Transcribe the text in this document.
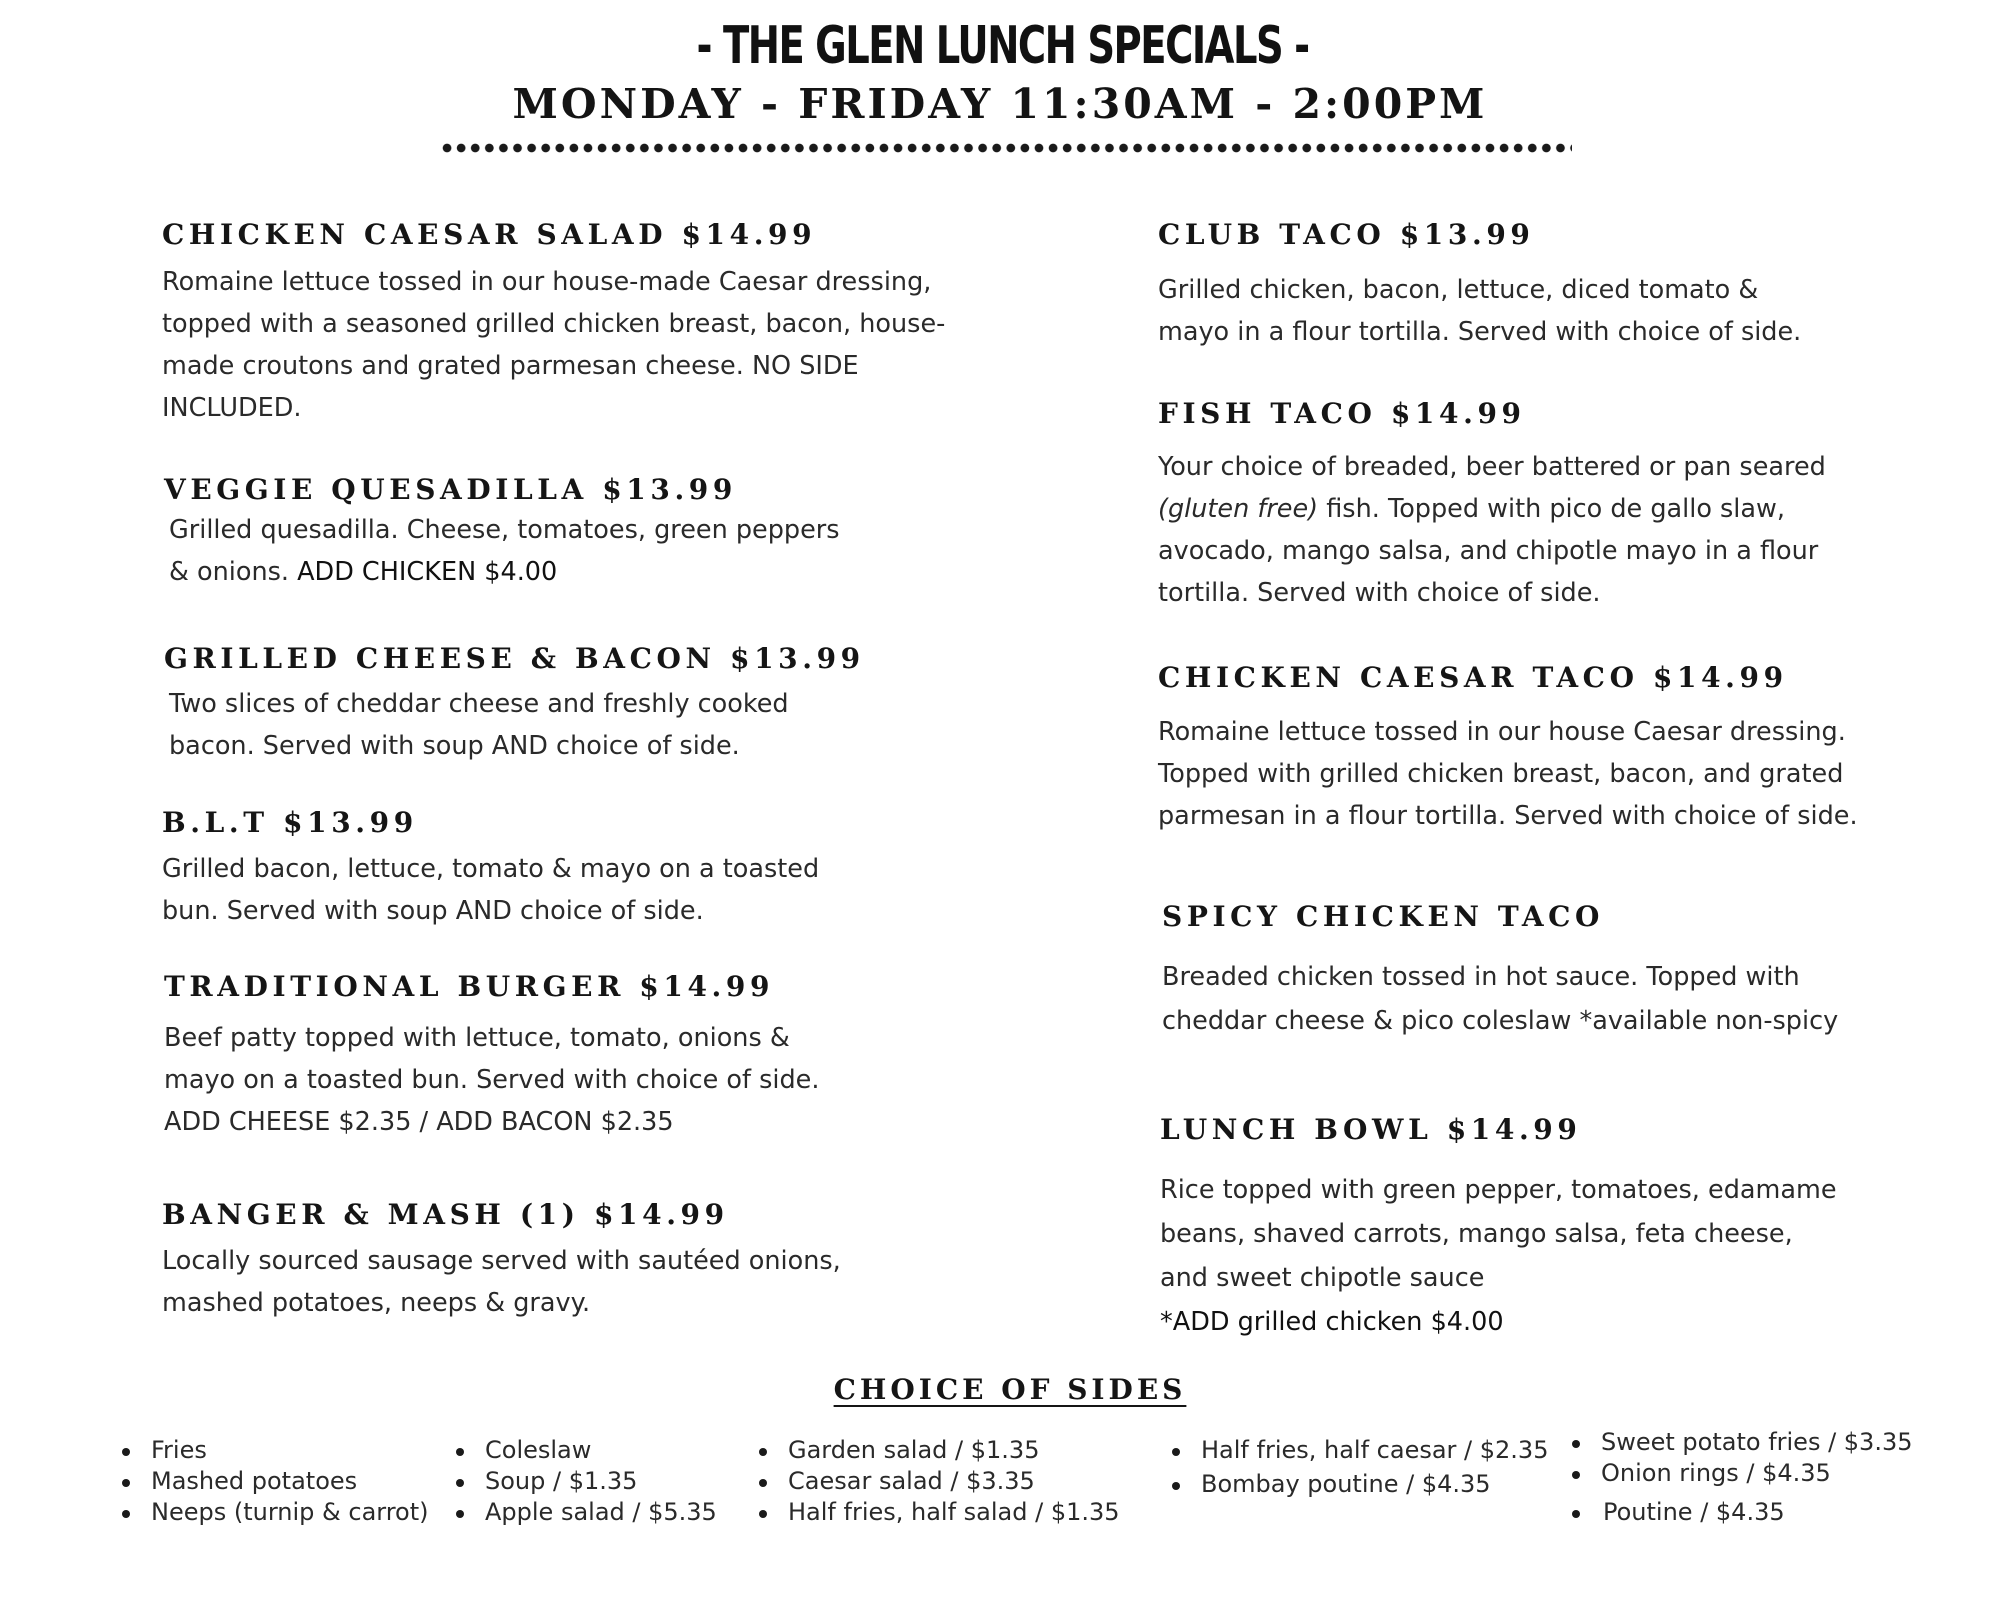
- THE GLEN LUNCH SPECIALS -
MONDAY - FRIDAY 11:30AM - 2:00PM

CHICKEN CAESAR SALAD $14.99

Romaine lettuce tossed in our house-made Caesar dressing,
topped with a seasoned grilled chicken breast, bacon, house-
made croutons and grated parmesan cheese. NO SIDE
INCLUDED.

VEGGIE QUESADILLA $13.99

Grilled quesadilla. Cheese, tomatoes, green peppers
& onions. ADD CHICKEN $4.00

GRILLED CHEESE & BACON $13.99

Two slices of cheddar cheese and freshly cooked
bacon. Served with soup AND choice of side.

B.L.T $13.99

Grilled bacon, lettuce, tomato & mayo on a toasted
bun. Served with soup AND choice of side.

TRADITIONAL BURGER $14.99

Beef patty topped with lettuce, tomato, onions &
mayo on a toasted bun. Served with choice of side.
ADD CHEESE $2.35 / ADD BACON $2.35

BANGER & MASH (1) $14.99

Locally sourced sausage served with sautéed onions,
mashed potatoes, neeps & gravy.

CLUB TACO $13.99

Grilled chicken, bacon, lettuce, diced tomato &
mayo in a flour tortilla. Served with choice of side.

FISH TACO $14.99

Your choice of breaded, beer battered or pan seared
(gluten free) fish. Topped with pico de gallo slaw,
avocado, mango salsa, and chipotle mayo in a flour
tortilla. Served with choice of side.

CHICKEN CAESAR TACO $14.99

Romaine lettuce tossed in our house Caesar dressing.
Topped with grilled chicken breast, bacon, and grated
parmesan in a flour tortilla. Served with choice of side.

SPICY CHICKEN TACO

Breaded chicken tossed in hot sauce. Topped with
cheddar cheese & pico coleslaw *available non-spicy

LUNCH BOWL $14.99

Rice topped with green pepper, tomatoes, edamame
beans, shaved carrots, mango salsa, feta cheese,
and sweet chipotle sauce
*ADD grilled chicken $4.00

CHOICE OF SIDES

Fries
Mashed potatoes
Neeps (turnip & carrot)
Coleslaw
Soup / $1.35
Apple salad / $5.35
Garden salad / $1.35
Caesar salad / $3.35
Half fries, half salad / $1.35
Half fries, half caesar / $2.35
Bombay poutine / $4.35
Sweet potato fries / $3.35
Onion rings / $4.35
Poutine / $4.35
